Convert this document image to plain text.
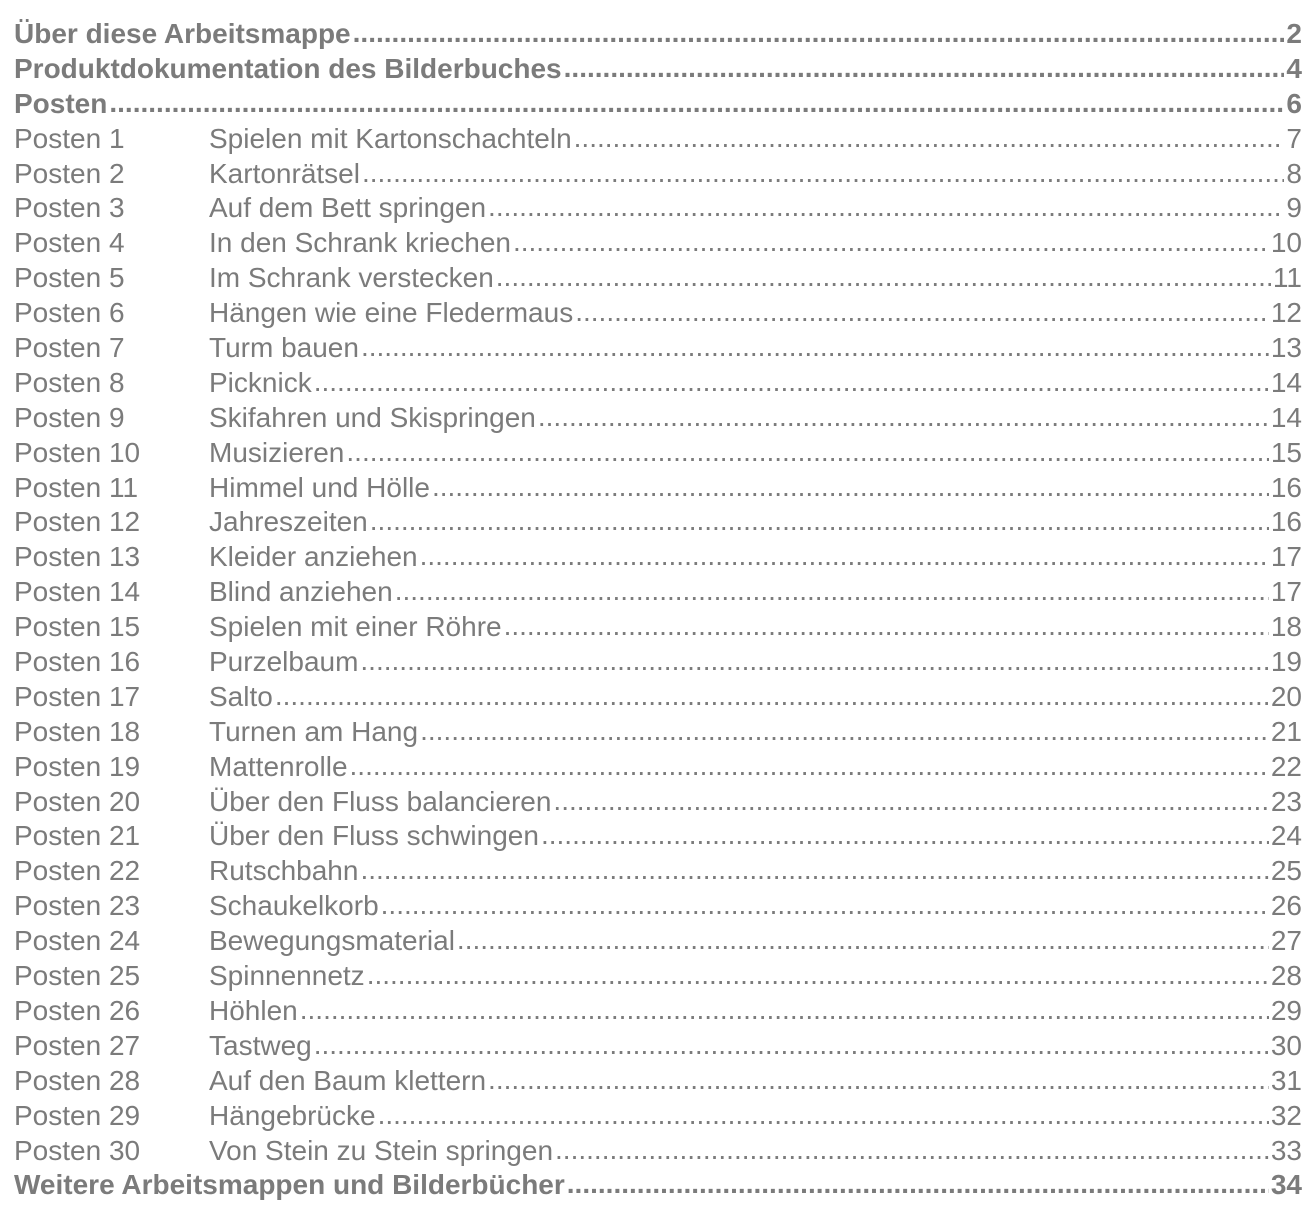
Über diese Arbeitsmappe .....	2
Produktdokumentation des Bilderbuches .....	4
Posten .....	6
Posten 1	Spielen mit Kartonschachteln .....	7
Posten 2	Kartonrätsel .....	8
Posten 3	Auf dem Bett springen .....	9
Posten 4	In den Schrank kriechen .....	10
Posten 5	Im Schrank verstecken .....	11
Posten 6	Hängen wie eine Fledermaus .....	12
Posten 7	Turm bauen .....	13
Posten 8	Picknick .....	14
Posten 9	Skifahren und Skispringen .....	14
Posten 10	Musizieren .....	15
Posten 11	Himmel und Hölle .....	16
Posten 12	Jahreszeiten .....	16
Posten 13	Kleider anziehen .....	17
Posten 14	Blind anziehen .....	17
Posten 15	Spielen mit einer Röhre .....	18
Posten 16	Purzelbaum .....	19
Posten 17	Salto .....	20
Posten 18	Turnen am Hang .....	21
Posten 19	Mattenrolle .....	22
Posten 20	Über den Fluss balancieren .....	23
Posten 21	Über den Fluss schwingen .....	24
Posten 22	Rutschbahn .....	25
Posten 23	Schaukelkorb .....	26
Posten 24	Bewegungsmaterial .....	27
Posten 25	Spinnennetz .....	28
Posten 26	Höhlen .....	29
Posten 27	Tastweg .....	30
Posten 28	Auf den Baum klettern .....	31
Posten 29	Hängebrücke .....	32
Posten 30	Von Stein zu Stein springen .....	33
Weitere Arbeitsmappen und Bilderbücher .....	34
